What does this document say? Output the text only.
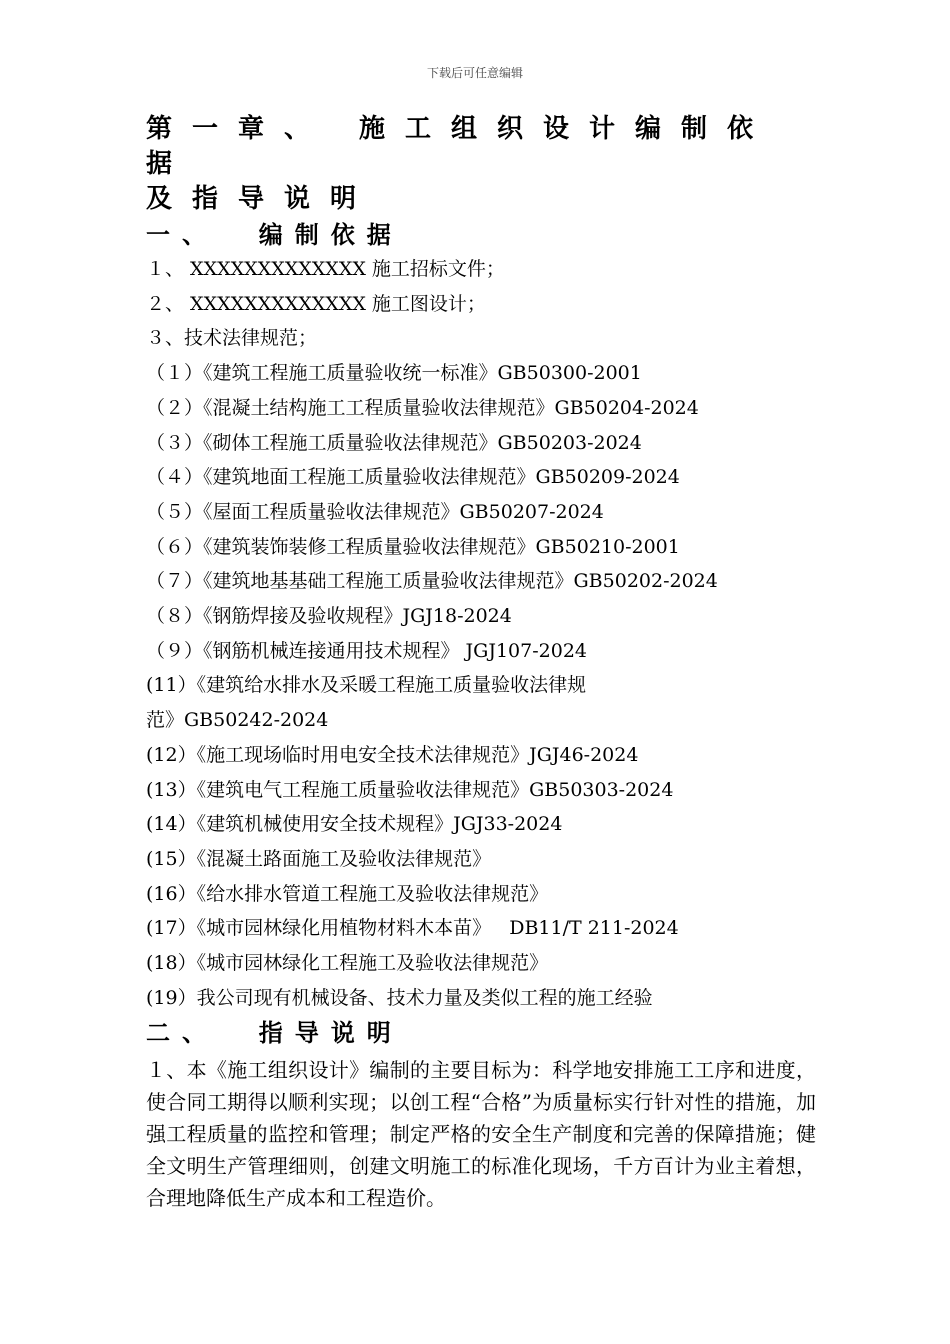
下载后可任意编辑
第一章、 施工组织设计编制依据
及指导说明
一、  编制依据

１、 XXXXXXXXXXXXX 施工招标文件；

２、 XXXXXXXXXXXXX 施工图设计；

３、技术法律规范；

（１）《建筑工程施工质量验收统一标准》GB50300-2001

（２）《混凝土结构施工工程质量验收法律规范》GB50204-2024

（３）《砌体工程施工质量验收法律规范》GB50203-2024

（４）《建筑地面工程施工质量验收法律规范》GB50209-2024

（５）《屋面工程质量验收法律规范》GB50207-2024

（６）《建筑装饰装修工程质量验收法律规范》GB50210-2001

（７）《建筑地基基础工程施工质量验收法律规范》GB50202-2024

（８）《钢筋焊接及验收规程》JGJ18-2024

（９）《钢筋机械连接通用技术规程》 JGJ107-2024

(11）《建筑给水排水及采暖工程施工质量验收法律规

范》GB50242-2024

(12）《施工现场临时用电安全技术法律规范》JGJ46-2024

(13）《建筑电气工程施工质量验收法律规范》GB50303-2024

(14）《建筑机械使用安全技术规程》JGJ33-2024

(15）《混凝土路面施工及验收法律规范》

(16）《给水排水管道工程施工及验收法律规范》

(17）《城市园林绿化用植物材料木本苗》   DB11/T 211-2024

(18）《城市园林绿化工程施工及验收法律规范》

(19）我公司现有机械设备、技术力量及类似工程的施工经验

二、  指导说明

１、本《施工组织设计》编制的主要目标为：科学地安排施工工序和进度，使合同工期得以顺利实现；以创工程“合格”为质量标实行针对性的措施，加强工程质量的监控和管理；制定严格的安全生产制度和完善的保障措施；健全文明生产管理细则，创建文明施工的标准化现场，千方百计为业主着想，合理地降低生产成本和工程造价。
